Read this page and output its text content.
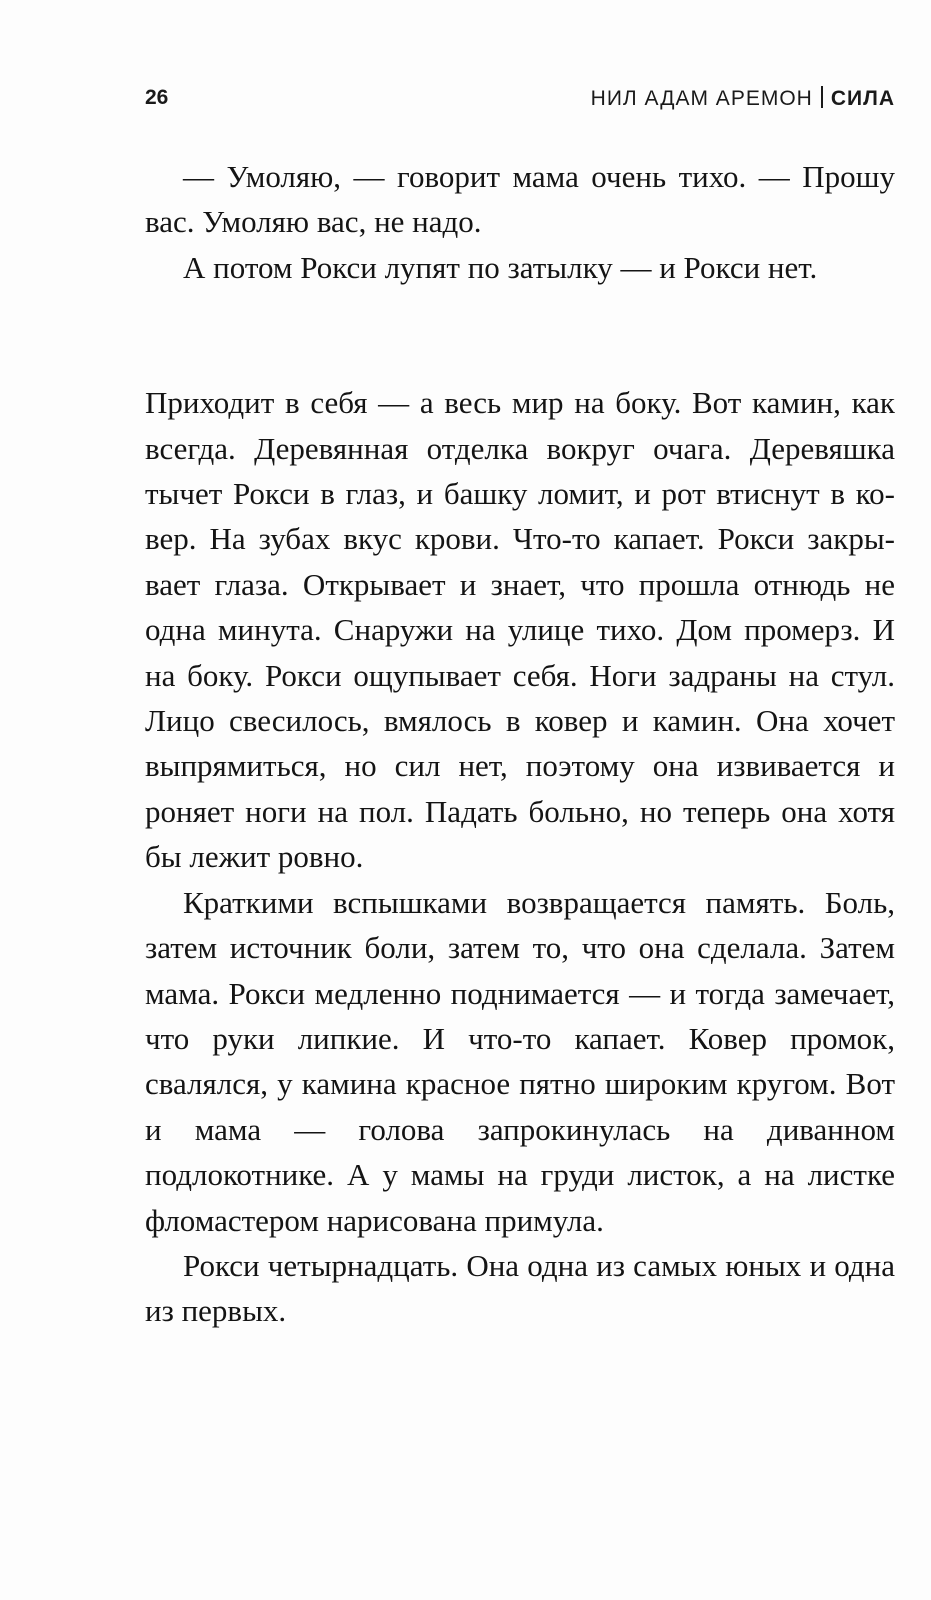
26	НИЛ АДАМ АРЕМОН СИЛА

— Умоляю, — говорит мама очень тихо. — Прошу вас. Умоляю вас, не надо.

А потом Рокси лупят по затылку — и Рокси нет.

Приходит в себя — а весь мир на боку. Вот камин, как всегда. Деревянная отделка вокруг очага. Деревяшка тычет Рокси в глаз, и башку ломит, и рот втиснут в ковер. На зубах вкус крови. Что-то капает. Рокси закрывает глаза. Открывает и знает, что прошла отнюдь не одна минута. Снаружи на улице тихо. Дом промерз. И на боку. Рокси ощупывает себя. Ноги задраны на стул. Лицо свесилось, вмялось в ковер и камин. Она хочет выпрямиться, но сил нет, поэтому она извивается и роняет ноги на пол. Падать больно, но теперь она хотя бы лежит ровно.

Краткими вспышками возвращается память. Боль, затем источник боли, затем то, что она сделала. Затем мама. Рокси медленно поднимается — и тогда замечает, что руки липкие. И что-то капает. Ковер промок, свалялся, у камина красное пятно широким кругом. Вот и мама — голова запрокинулась на диванном подлокотнике. А у мамы на груди листок, а на листке фломастером нарисована примула.

Рокси четырнадцать. Она одна из самых юных и одна из первых.
